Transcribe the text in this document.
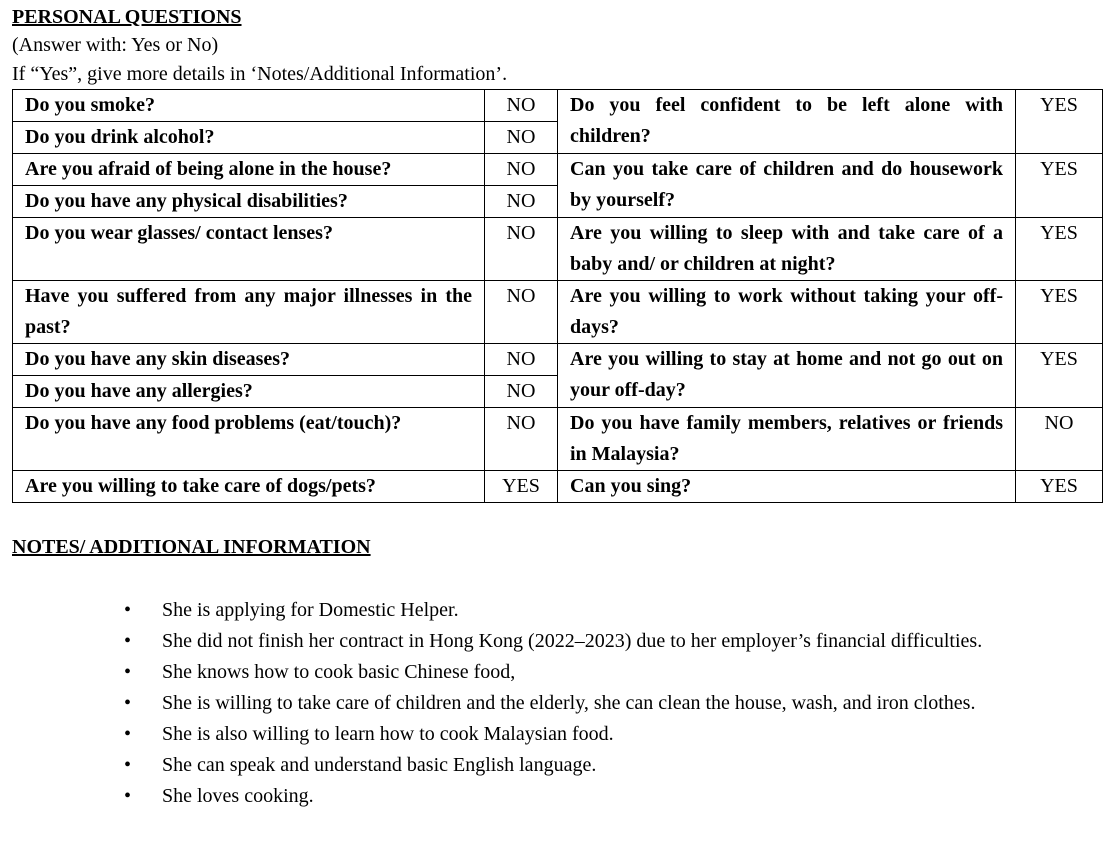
PERSONAL QUESTIONS

(Answer with: Yes or No)

If “Yes”, give more details in ‘Notes/Additional Information’.

Do you smoke?	NO	Do you feel confident to be left alone with children?	YES
Do you drink alcohol?	NO		
Are you afraid of being alone in the house?	NO	Can you take care of children and do housework by yourself?	YES
Do you have any physical disabilities?	NO		
Do you wear glasses/ contact lenses?	NO	Are you willing to sleep with and take care of a baby and/ or children at night?	YES
Have you suffered from any major illnesses in the past?	NO	Are you willing to work without taking your off-days?	YES
Do you have any skin diseases?	NO	Are you willing to stay at home and not go out on your off-day?	YES
Do you have any allergies?	NO		
Do you have any food problems (eat/touch)?	NO	Do you have family members, relatives or friends in Malaysia?	NO
Are you willing to take care of dogs/pets?	YES	Can you sing?	YES

NOTES/ ADDITIONAL INFORMATION

• She is applying for Domestic Helper.
• She did not finish her contract in Hong Kong (2022–2023) due to her employer’s financial difficulties.
• She knows how to cook basic Chinese food,
• She is willing to take care of children and the elderly, she can clean the house, wash, and iron clothes.
• She is also willing to learn how to cook Malaysian food.
• She can speak and understand basic English language.
• She loves cooking.
